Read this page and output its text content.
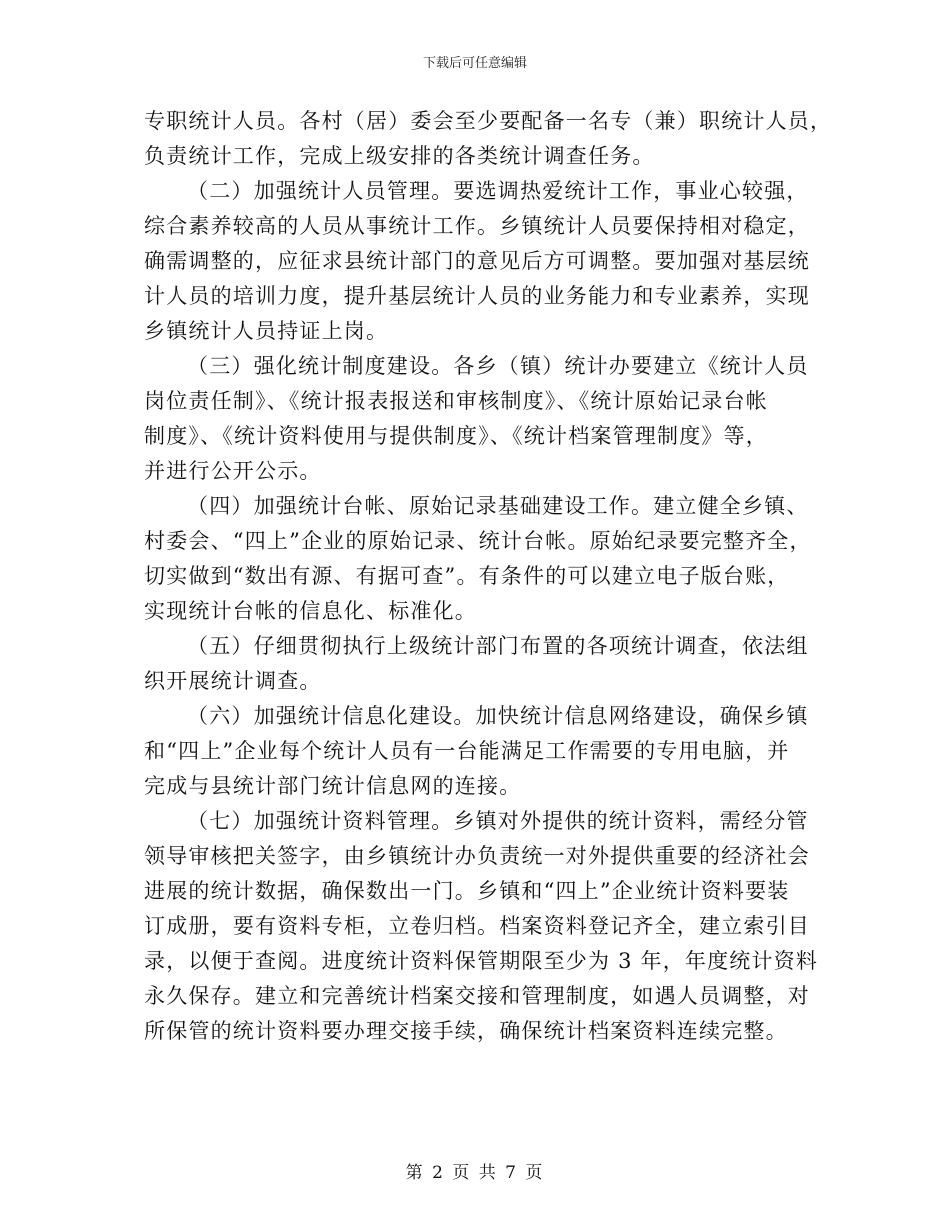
下载后可任意编辑
专职统计人员。各村（居）委会至少要配备一名专（兼）职统计人员，
负责统计工作，完成上级安排的各类统计调查任务。
（二）加强统计人员管理。要选调热爱统计工作，事业心较强，
综合素养较高的人员从事统计工作。乡镇统计人员要保持相对稳定，
确需调整的，应征求县统计部门的意见后方可调整。要加强对基层统
计人员的培训力度，提升基层统计人员的业务能力和专业素养，实现
乡镇统计人员持证上岗。
（三）强化统计制度建设。各乡（镇）统计办要建立《统计人员
岗位责任制》、《统计报表报送和审核制度》、《统计原始记录台帐
制度》、《统计资料使用与提供制度》、《统计档案管理制度》等，
并进行公开公示。
（四）加强统计台帐、原始记录基础建设工作。建立健全乡镇、
村委会、“四上”企业的原始记录、统计台帐。原始纪录要完整齐全，
切实做到“数出有源、有据可查”。有条件的可以建立电子版台账，
实现统计台帐的信息化、标准化。
（五）仔细贯彻执行上级统计部门布置的各项统计调查，依法组
织开展统计调查。
（六）加强统计信息化建设。加快统计信息网络建设，确保乡镇
和“四上”企业每个统计人员有一台能满足工作需要的专用电脑，并
完成与县统计部门统计信息网的连接。
（七）加强统计资料管理。乡镇对外提供的统计资料，需经分管
领导审核把关签字，由乡镇统计办负责统一对外提供重要的经济社会
进展的统计数据，确保数出一门。乡镇和“四上”企业统计资料要装
订成册，要有资料专柜，立卷归档。档案资料登记齐全，建立索引目
录，以便于查阅。进度统计资料保管期限至少为 3 年，年度统计资料
永久保存。建立和完善统计档案交接和管理制度，如遇人员调整，对
所保管的统计资料要办理交接手续，确保统计档案资料连续完整。
第 2 页 共 7 页
